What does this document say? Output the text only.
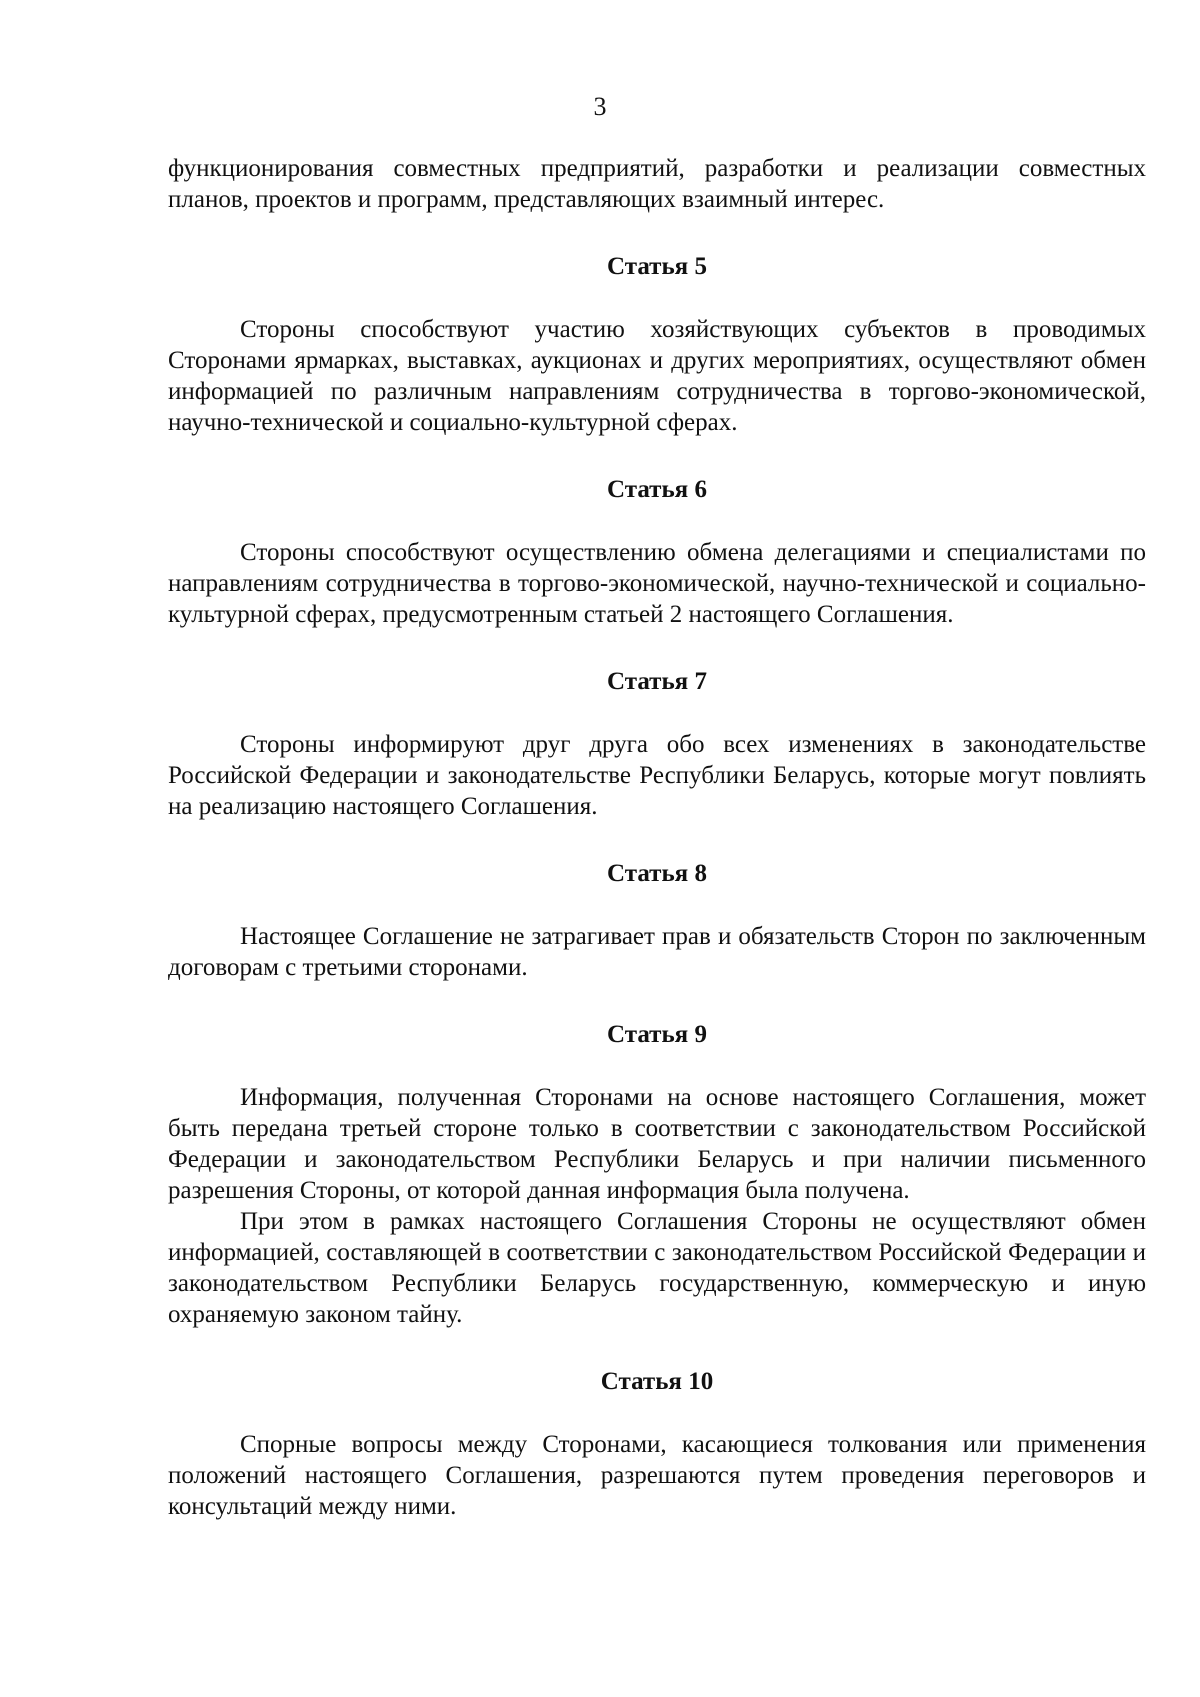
3

функционирования совместных предприятий, разработки и реализации совместных планов, проектов и программ, представляющих взаимный интерес.

Статья 5

Стороны способствуют участию хозяйствующих субъектов в проводимых Сторонами ярмарках, выставках, аукционах и других мероприятиях, осуществляют обмен информацией по различным направлениям сотрудничества в торгово-экономической, научно-технической и социально-культурной сферах.

Статья 6

Стороны способствуют осуществлению обмена делегациями и специалистами по направлениям сотрудничества в торгово-экономической, научно-технической и социально-культурной сферах, предусмотренным статьей 2 настоящего Соглашения.

Статья 7

Стороны информируют друг друга обо всех изменениях в законодательстве Российской Федерации и законодательстве Республики Беларусь, которые могут повлиять на реализацию настоящего Соглашения.

Статья 8

Настоящее Соглашение не затрагивает прав и обязательств Сторон по заключенным договорам с третьими сторонами.

Статья 9

Информация, полученная Сторонами на основе настоящего Соглашения, может быть передана третьей стороне только в соответствии с законодательством Российской Федерации и законодательством Республики Беларусь и при наличии письменного разрешения Стороны, от которой данная информация была получена.

При этом в рамках настоящего Соглашения Стороны не осуществляют обмен информацией, составляющей в соответствии с законодательством Российской Федерации и законодательством Республики Беларусь государственную, коммерческую и иную охраняемую законом тайну.

Статья 10

Спорные вопросы между Сторонами, касающиеся толкования или применения положений настоящего Соглашения, разрешаются путем проведения переговоров и консультаций между ними.
